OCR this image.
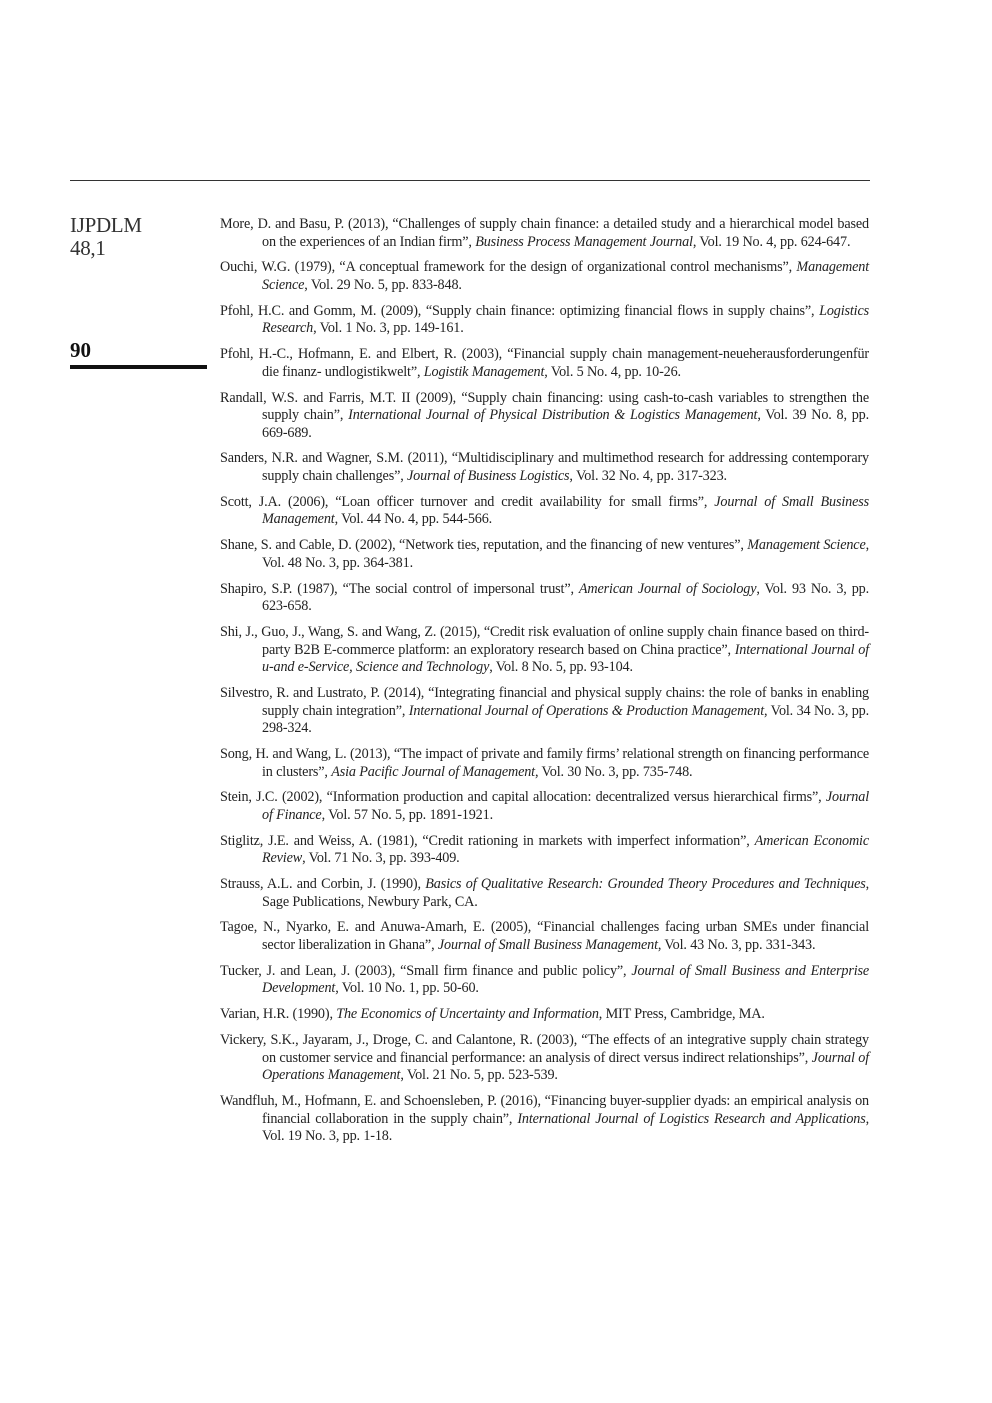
IJPDLM
48,1
90

More, D. and Basu, P. (2013), “Challenges of supply chain finance: a detailed study and a hierarchical model based on the experiences of an Indian firm”, Business Process Management Journal, Vol. 19 No. 4, pp. 624-647.

Ouchi, W.G. (1979), “A conceptual framework for the design of organizational control mechanisms”, Management Science, Vol. 29 No. 5, pp. 833-848.

Pfohl, H.C. and Gomm, M. (2009), “Supply chain finance: optimizing financial flows in supply chains”, Logistics Research, Vol. 1 No. 3, pp. 149-161.

Pfohl, H.-C., Hofmann, E. and Elbert, R. (2003), “Financial supply chain management-neueherausforderungenfür die finanz- undlogistikwelt”, Logistik Management, Vol. 5 No. 4, pp. 10-26.

Randall, W.S. and Farris, M.T. II (2009), “Supply chain financing: using cash-to-cash variables to strengthen the supply chain”, International Journal of Physical Distribution & Logistics Management, Vol. 39 No. 8, pp. 669-689.

Sanders, N.R. and Wagner, S.M. (2011), “Multidisciplinary and multimethod research for addressing contemporary supply chain challenges”, Journal of Business Logistics, Vol. 32 No. 4, pp. 317-323.

Scott, J.A. (2006), “Loan officer turnover and credit availability for small firms”, Journal of Small Business Management, Vol. 44 No. 4, pp. 544-566.

Shane, S. and Cable, D. (2002), “Network ties, reputation, and the financing of new ventures”, Management Science, Vol. 48 No. 3, pp. 364-381.

Shapiro, S.P. (1987), “The social control of impersonal trust”, American Journal of Sociology, Vol. 93 No. 3, pp. 623-658.

Shi, J., Guo, J., Wang, S. and Wang, Z. (2015), “Credit risk evaluation of online supply chain finance based on third-party B2B E-commerce platform: an exploratory research based on China practice”, International Journal of u-and e-Service, Science and Technology, Vol. 8 No. 5, pp. 93-104.

Silvestro, R. and Lustrato, P. (2014), “Integrating financial and physical supply chains: the role of banks in enabling supply chain integration”, International Journal of Operations & Production Management, Vol. 34 No. 3, pp. 298-324.

Song, H. and Wang, L. (2013), “The impact of private and family firms’ relational strength on financing performance in clusters”, Asia Pacific Journal of Management, Vol. 30 No. 3, pp. 735-748.

Stein, J.C. (2002), “Information production and capital allocation: decentralized versus hierarchical firms”, Journal of Finance, Vol. 57 No. 5, pp. 1891-1921.

Stiglitz, J.E. and Weiss, A. (1981), “Credit rationing in markets with imperfect information”, American Economic Review, Vol. 71 No. 3, pp. 393-409.

Strauss, A.L. and Corbin, J. (1990), Basics of Qualitative Research: Grounded Theory Procedures and Techniques, Sage Publications, Newbury Park, CA.

Tagoe, N., Nyarko, E. and Anuwa-Amarh, E. (2005), “Financial challenges facing urban SMEs under financial sector liberalization in Ghana”, Journal of Small Business Management, Vol. 43 No. 3, pp. 331-343.

Tucker, J. and Lean, J. (2003), “Small firm finance and public policy”, Journal of Small Business and Enterprise Development, Vol. 10 No. 1, pp. 50-60.

Varian, H.R. (1990), The Economics of Uncertainty and Information, MIT Press, Cambridge, MA.

Vickery, S.K., Jayaram, J., Droge, C. and Calantone, R. (2003), “The effects of an integrative supply chain strategy on customer service and financial performance: an analysis of direct versus indirect relationships”, Journal of Operations Management, Vol. 21 No. 5, pp. 523-539.

Wandfluh, M., Hofmann, E. and Schoensleben, P. (2016), “Financing buyer-supplier dyads: an empirical analysis on financial collaboration in the supply chain”, International Journal of Logistics Research and Applications, Vol. 19 No. 3, pp. 1-18.
